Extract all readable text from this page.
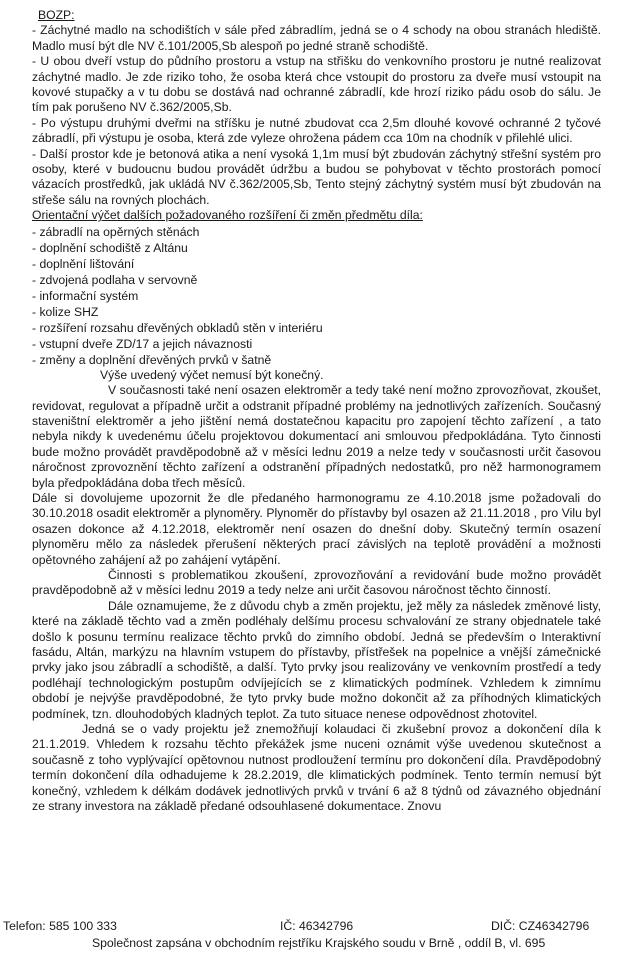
BOZP:

- Záchytné madlo na schodištích v sále před zábradlím, jedná se o 4 schody na obou stranách hlediště. Madlo musí být dle NV č.101/2005,Sb alespoň po jedné straně schodiště.

- U obou dveří vstup do půdního prostoru a vstup na střišku do venkovního prostoru je nutné realizovat záchytné madlo. Je zde riziko toho, že osoba která chce vstoupit do prostoru za dveře musí vstoupit na kovové stupačky a v tu dobu se dostává nad ochranné zábradlí, kde hrozí riziko pádu osob do sálu. Je tím pak porušeno NV č.362/2005,Sb.

- Po výstupu druhými dveřmi na stříšku je nutné zbudovat cca 2,5m dlouhé kovové ochranné 2 tyčové zábradlí, při výstupu je osoba, která zde vyleze ohrožena pádem cca 10m na chodník v přilehlé ulici.

- Další prostor kde je betonová atika a není vysoká 1,1m musí být zbudován záchytný střešní systém pro osoby, které v budoucnu budou provádět údržbu a budou se pohybovat v těchto prostorách pomocí vázacích prostředků, jak ukládá NV č.362/2005,Sb, Tento stejný záchytný systém musí být zbudován na střeše sálu na rovných plochách.

Orientační výčet dalších požadovaného rozšíření či změn předmětu díla:
- zábradlí na opěrných stěnách
- doplnění schodiště z Altánu
- doplnění lištování
- zdvojená podlaha v servovně
- informační systém
- kolize SHZ
- rozšíření rozsahu dřevěných obkladů stěn v interiéru
- vstupní dveře ZD/17 a jejich návaznosti
- změny a doplnění dřevěných prvků v šatně
Výše uvedený výčet nemusí být konečný.

V současnosti také není osazen elektroměr a tedy také není možno zprovozňovat, zkoušet, revidovat, regulovat a případně určit a odstranit případné problémy na jednotlivých zařízeních. Současný staveništní elektroměr a jeho jištění nemá dostatečnou kapacitu pro zapojení těchto zařízení , a tato nebyla nikdy k uvedenému účelu projektovou dokumentací ani smlouvou předpokládána. Tyto činnosti bude možno provádět pravděpodobně až v měsíci lednu 2019 a nelze tedy v současnosti určit časovou náročnost zprovoznění těchto zařízení a odstranění případných nedostatků, pro něž harmonogramem byla předpokládána doba třech měsíců.

Dále si dovolujeme upozornit že dle předaného harmonogramu ze 4.10.2018 jsme požadovali do 30.10.2018 osadit elektroměr a plynoměry. Plynoměr do přístavby byl osazen až 21.11.2018 , pro Vilu byl osazen dokonce až 4.12.2018, elektroměr není osazen do dnešní doby. Skutečný termín osazení plynoměru mělo za následek přerušení některých prací závislých na teplotě provádění a možnosti opětovného zahájení až po zahájení vytápění.

Činnosti s problematikou zkoušení, zprovozňování a revidování bude možno provádět pravděpodobně až v měsíci lednu 2019 a tedy nelze ani určit časovou náročnost těchto činností.

Dále oznamujeme, že z důvodu chyb a změn projektu, jež měly za následek změnové listy, které na základě těchto vad a změn podléhaly delšímu procesu schvalování ze strany objednatele také došlo k posunu termínu realizace těchto prvků do zimního období. Jedná se především o Interaktivní fasádu, Altán, markýzu na hlavním vstupem do přístavby, přístřešek na popelnice a vnější zámečnické prvky jako jsou zábradlí a schodiště, a další. Tyto prvky jsou realizovány ve venkovním prostředí a tedy podléhají technologickým postupům odvíjejících se z klimatických podmínek. Vzhledem k zimnímu období je nejvýše pravděpodobné, že tyto prvky bude možno dokončit až za příhodných klimatických podmínek, tzn. dlouhodobých kladných teplot. Za tuto situace nenese odpovědnost zhotovitel.

Jedná se o vady projektu jež znemožňují kolaudaci či zkušební provoz a dokončení díla k 21.1.2019. Vhledem k rozsahu těchto překážek jsme nuceni oznámit výše uvedenou skutečnost a současně z toho vyplývající opětovnou nutnost prodloužení termínu pro dokončení díla. Pravděpodobný termín dokončení díla odhadujeme k 28.2.2019, dle klimatických podmínek. Tento termín nemusí být konečný, vzhledem k délkám dodávek jednotlivých prvků v trvání 6 až 8 týdnů od závazného objednání ze strany investora na základě předané odsouhlasené dokumentace. Znovu

Telefon: 585 100 333	IČ: 46342796	DIČ: CZ46342796
Společnost zapsána v obchodním rejstříku Krajského soudu v Brně , oddíl B, vl. 695
